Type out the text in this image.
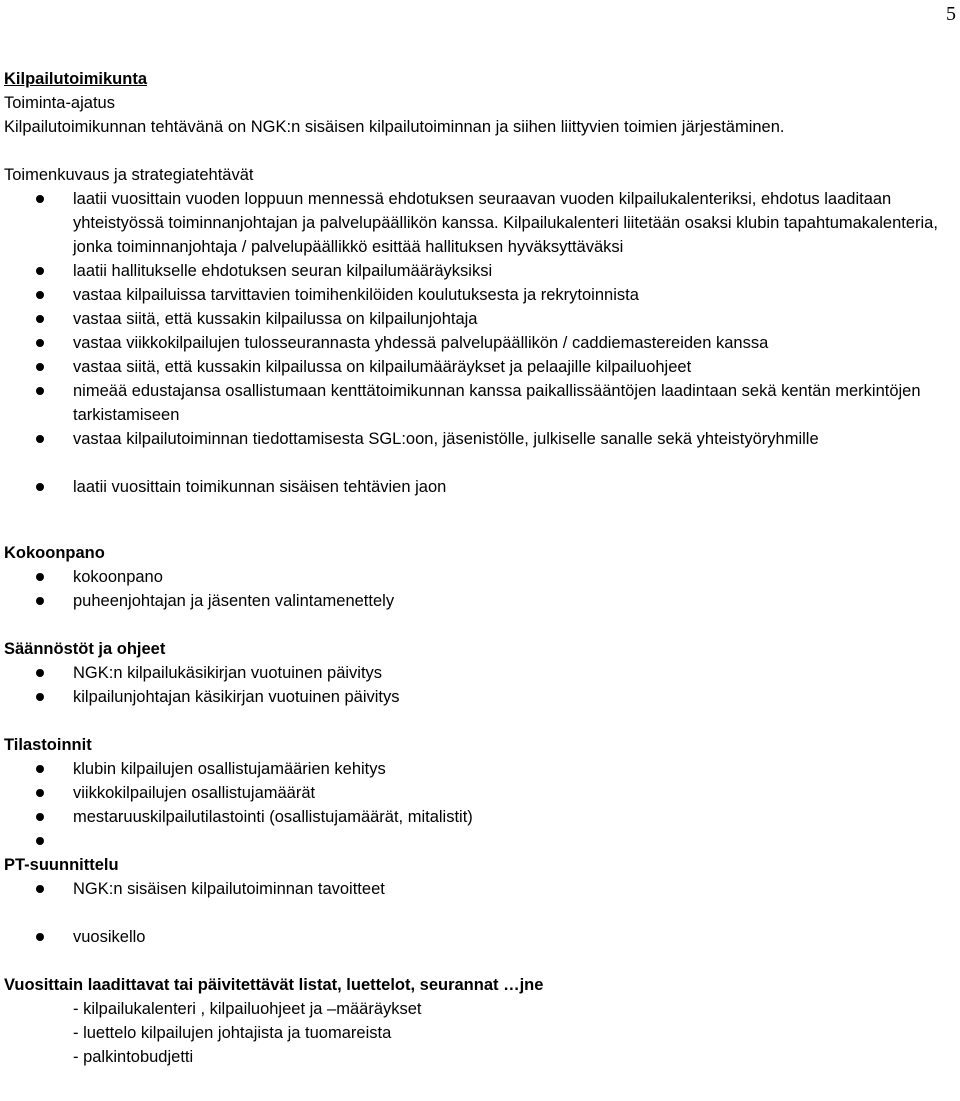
5
Kilpailutoimikunta
Toiminta-ajatus
Kilpailutoimikunnan tehtävänä on NGK:n sisäisen kilpailutoiminnan ja siihen liittyvien toimien järjestäminen.
Toimenkuvaus ja strategiatehtävät
laatii vuosittain vuoden loppuun mennessä ehdotuksen seuraavan vuoden kilpailukalenteriksi, ehdotus laaditaan yhteistyössä toiminnanjohtajan ja palvelupäällikön kanssa. Kilpailukalenteri liitetään osaksi klubin tapahtumakalenteria, jonka toiminnanjohtaja / palvelupäällikkö esittää hallituksen hyväksyttäväksi
laatii hallitukselle ehdotuksen seuran kilpailumääräyksiksi
vastaa kilpailuissa tarvittavien toimihenkilöiden koulutuksesta ja rekrytoinnista
vastaa siitä, että kussakin kilpailussa on kilpailunjohtaja
vastaa viikkokilpailujen tulosseurannasta yhdessä palvelupäällikön / caddiemastereiden kanssa
vastaa siitä, että kussakin kilpailussa on kilpailumääräykset ja pelaajille kilpailuohjeet
nimeää edustajansa osallistumaan kenttätoimikunnan kanssa paikallissääntöjen laadintaan sekä kentän merkintöjen tarkistamiseen
vastaa kilpailutoiminnan tiedottamisesta SGL:oon, jäsenistölle, julkiselle sanalle sekä yhteistyöryhmille
laatii vuosittain toimikunnan sisäisen tehtävien jaon
Kokoonpano
kokoonpano
puheenjohtajan ja jäsenten valintamenettely
Säännöstöt ja ohjeet
NGK:n kilpailukäsikirjan vuotuinen päivitys
kilpailunjohtajan käsikirjan vuotuinen päivitys
Tilastoinnit
klubin kilpailujen osallistujamäärien kehitys
viikkokilpailujen osallistujamäärät
mestaruuskilpailutilastointi (osallistujamäärät, mitalistit)
PT-suunnittelu
NGK:n sisäisen kilpailutoiminnan tavoitteet
vuosikello
Vuosittain laadittavat tai päivitettävät listat, luettelot, seurannat …jne
- kilpailukalenteri , kilpailuohjeet ja –määräykset
- luettelo kilpailujen johtajista ja tuomareista
- palkintobudjetti
